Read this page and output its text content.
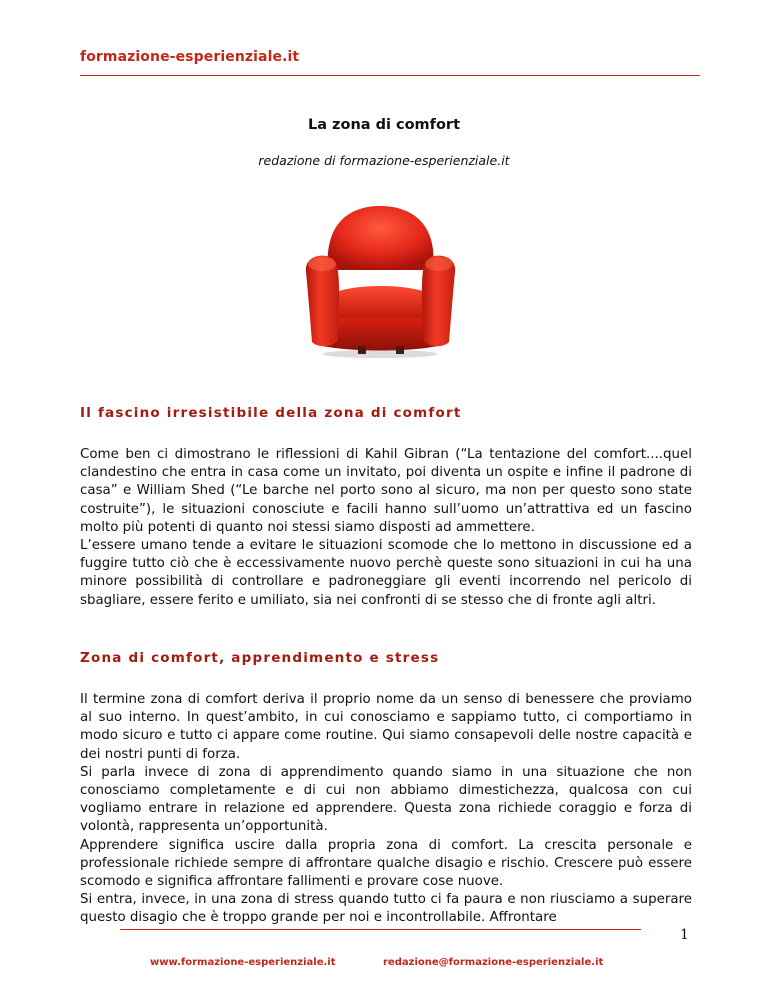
formazione-esperienziale.it
La zona di comfort
redazione di formazione-esperienziale.it
Il fascino irresistibile della zona di comfort

Come ben ci dimostrano le riflessioni di Kahil Gibran (“La tentazione del comfort....quel clandestino che entra in casa come un invitato, poi diventa un ospite e infine il padrone di casa” e William Shed (“Le barche nel porto sono al sicuro, ma non per questo sono state costruite”), le situazioni conosciute e facili hanno sull’uomo un’attrattiva ed un fascino molto più potenti di quanto noi stessi siamo disposti ad ammettere.

L’essere umano tende a evitare le situazioni scomode che lo mettono in discussione ed a fuggire tutto ciò che è eccessivamente nuovo perchè queste sono situazioni in cui ha una minore possibilità di controllare e padroneggiare gli eventi incorrendo nel pericolo di sbagliare, essere ferito e umiliato, sia nei confronti di se stesso che di fronte agli altri.

Zona di comfort, apprendimento e stress

Il termine zona di comfort deriva il proprio nome da un senso di benessere che proviamo al suo interno. In quest’ambito, in cui conosciamo e sappiamo tutto, ci comportiamo in modo sicuro e tutto ci appare come routine. Qui siamo consapevoli delle nostre capacità e dei nostri punti di forza.

Si parla invece di zona di apprendimento quando siamo in una situazione che non conosciamo completamente e di cui non abbiamo dimestichezza, qualcosa con cui vogliamo entrare in relazione ed apprendere. Questa zona richiede coraggio e forza di volontà, rappresenta un’opportunità.

Apprendere significa uscire dalla propria zona di comfort. La crescita personale e professionale richiede sempre di affrontare qualche disagio e rischio. Crescere può essere scomodo e significa affrontare fallimenti e provare cose nuove.

Si entra, invece, in una zona di stress quando tutto ci fa paura e non riusciamo a superare questo disagio che è troppo grande per noi e incontrollabile. Affrontare

1
www.formazione-esperienziale.it	redazione@formazione-esperienziale.it
